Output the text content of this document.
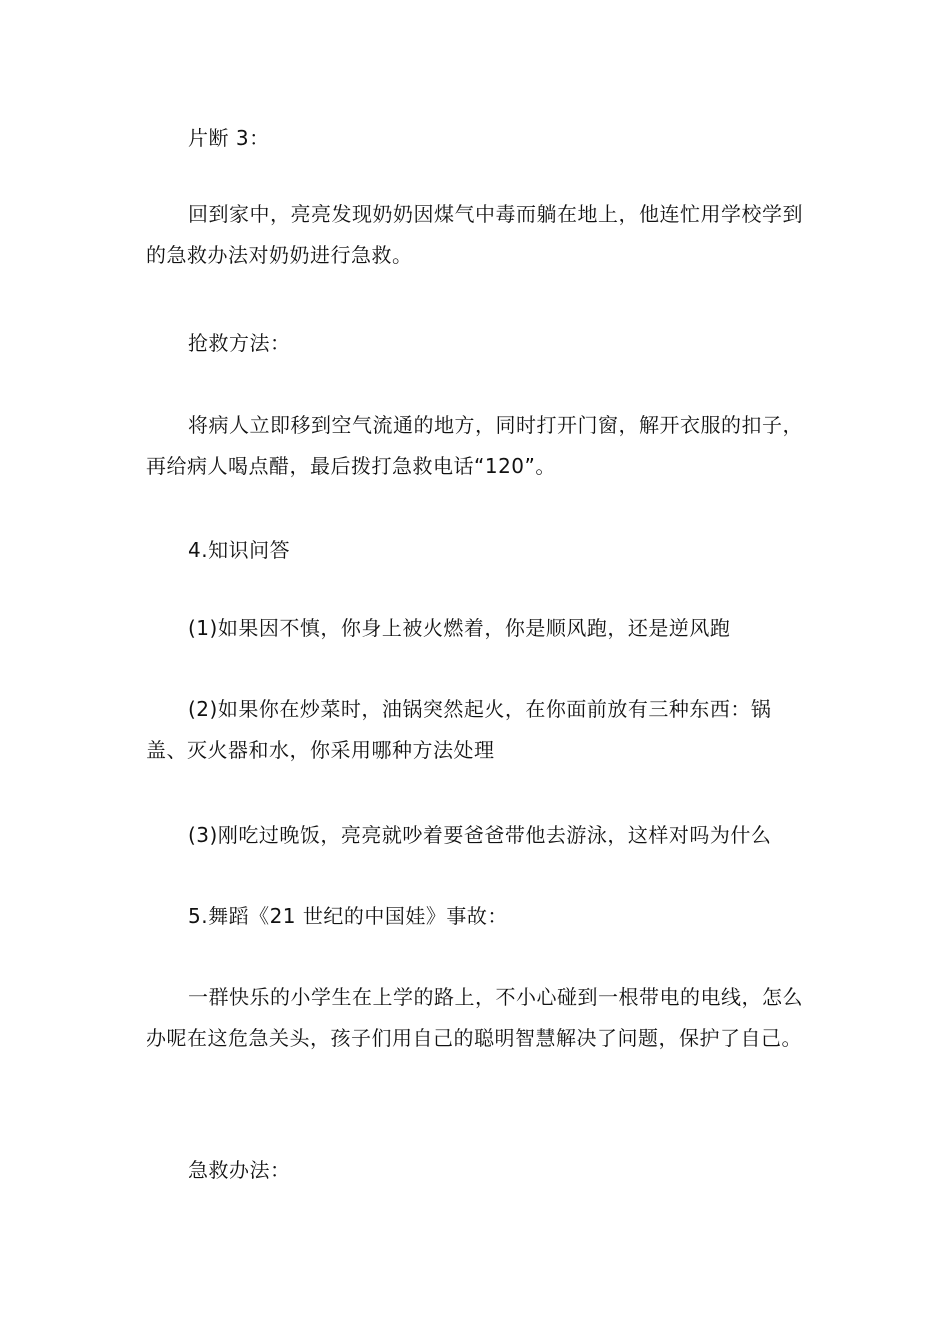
片断 3：

回到家中，亮亮发现奶奶因煤气中毒而躺在地上，他连忙用学校学到的急救办法对奶奶进行急救。

抢救方法：

将病人立即移到空气流通的地方，同时打开门窗，解开衣服的扣子，再给病人喝点醋，最后拨打急救电话“120”。

4.知识问答

(1)如果因不慎，你身上被火燃着，你是顺风跑，还是逆风跑

(2)如果你在炒菜时，油锅突然起火，在你面前放有三种东西：锅盖、灭火器和水，你采用哪种方法处理

(3)刚吃过晚饭，亮亮就吵着要爸爸带他去游泳，这样对吗为什么

5.舞蹈《21 世纪的中国娃》事故：

一群快乐的小学生在上学的路上，不小心碰到一根带电的电线，怎么办呢在这危急关头，孩子们用自己的聪明智慧解决了问题，保护了自己。

急救办法：
